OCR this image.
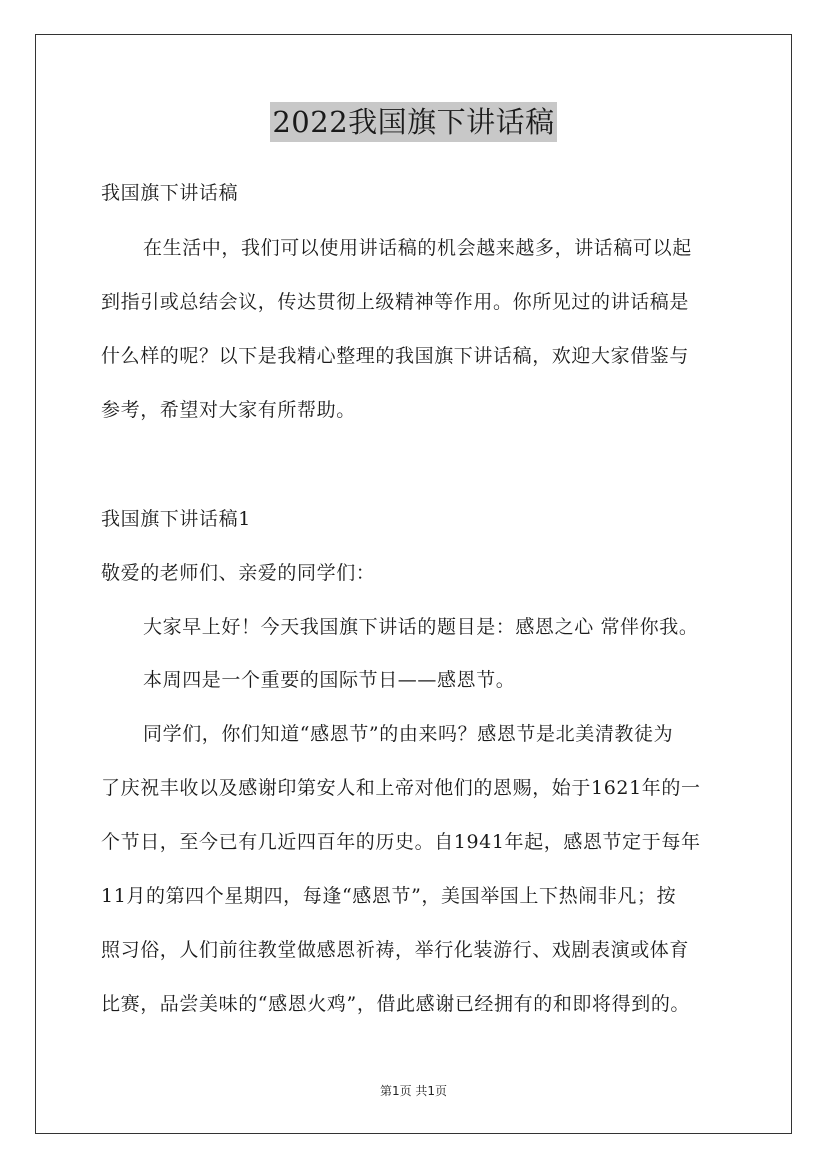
2022我国旗下讲话稿
我国旗下讲话稿
在生活中，我们可以使用讲话稿的机会越来越多，讲话稿可以起
到指引或总结会议，传达贯彻上级精神等作用。你所见过的讲话稿是
什么样的呢？以下是我精心整理的我国旗下讲话稿，欢迎大家借鉴与
参考，希望对大家有所帮助。
我国旗下讲话稿1
敬爱的老师们、亲爱的同学们：
大家早上好！今天我国旗下讲话的题目是：感恩之心 常伴你我。
本周四是一个重要的国际节日——感恩节。
同学们，你们知道“感恩节”的由来吗？感恩节是北美清教徒为
了庆祝丰收以及感谢印第安人和上帝对他们的恩赐，始于1621年的一
个节日，至今已有几近四百年的历史。自1941年起，感恩节定于每年
11月的第四个星期四，每逢“感恩节”，美国举国上下热闹非凡；按
照习俗，人们前往教堂做感恩祈祷，举行化装游行、戏剧表演或体育
比赛，品尝美味的“感恩火鸡”，借此感谢已经拥有的和即将得到的。
第1页 共1页
